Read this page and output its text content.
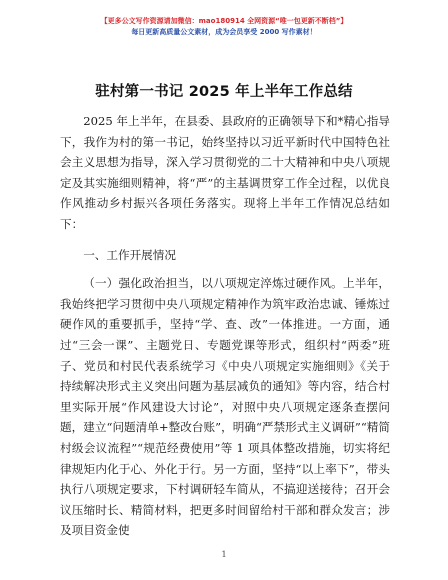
【更多公文写作资源请加微信：mao180914 全网资源“唯一包更新不断档”】
每日更新高质量公文素材，成为会员享受 2000 写作素材！
驻村第一书记 2025 年上半年工作总结

2025 年上半年，在县委、县政府的正确领导下和*精心指导下，我作为村的第一书记，始终坚持以习近平新时代中国特色社会主义思想为指导，深入学习贯彻党的二十大精神和中央八项规定及其实施细则精神，将“严”的主基调贯穿工作全过程，以优良作风推动乡村振兴各项任务落实。现将上半年工作情况总结如下：

一、工作开展情况

（一）强化政治担当，以八项规定淬炼过硬作风。上半年，我始终把学习贯彻中央八项规定精神作为筑牢政治忠诚、锤炼过硬作风的重要抓手，坚持“学、查、改”一体推进。一方面，通过“三会一课”、主题党日、专题党课等形式，组织村“两委”班子、党员和村民代表系统学习《中央八项规定实施细则》《关于持续解决形式主义突出问题为基层减负的通知》等内容，结合村里实际开展“作风建设大讨论”，对照中央八项规定逐条查摆问题，建立“问题清单+整改台账”，明确“严禁形式主义调研”“精简村级会议流程”“规范经费使用”等 1 项具体整改措施，切实将纪律规矩内化于心、外化于行。另一方面，坚持“以上率下”，带头执行八项规定要求，下村调研轻车简从，不搞迎送接待；召开会议压缩时长、精简材料，把更多时间留给村干部和群众发言；涉及项目资金使

1
